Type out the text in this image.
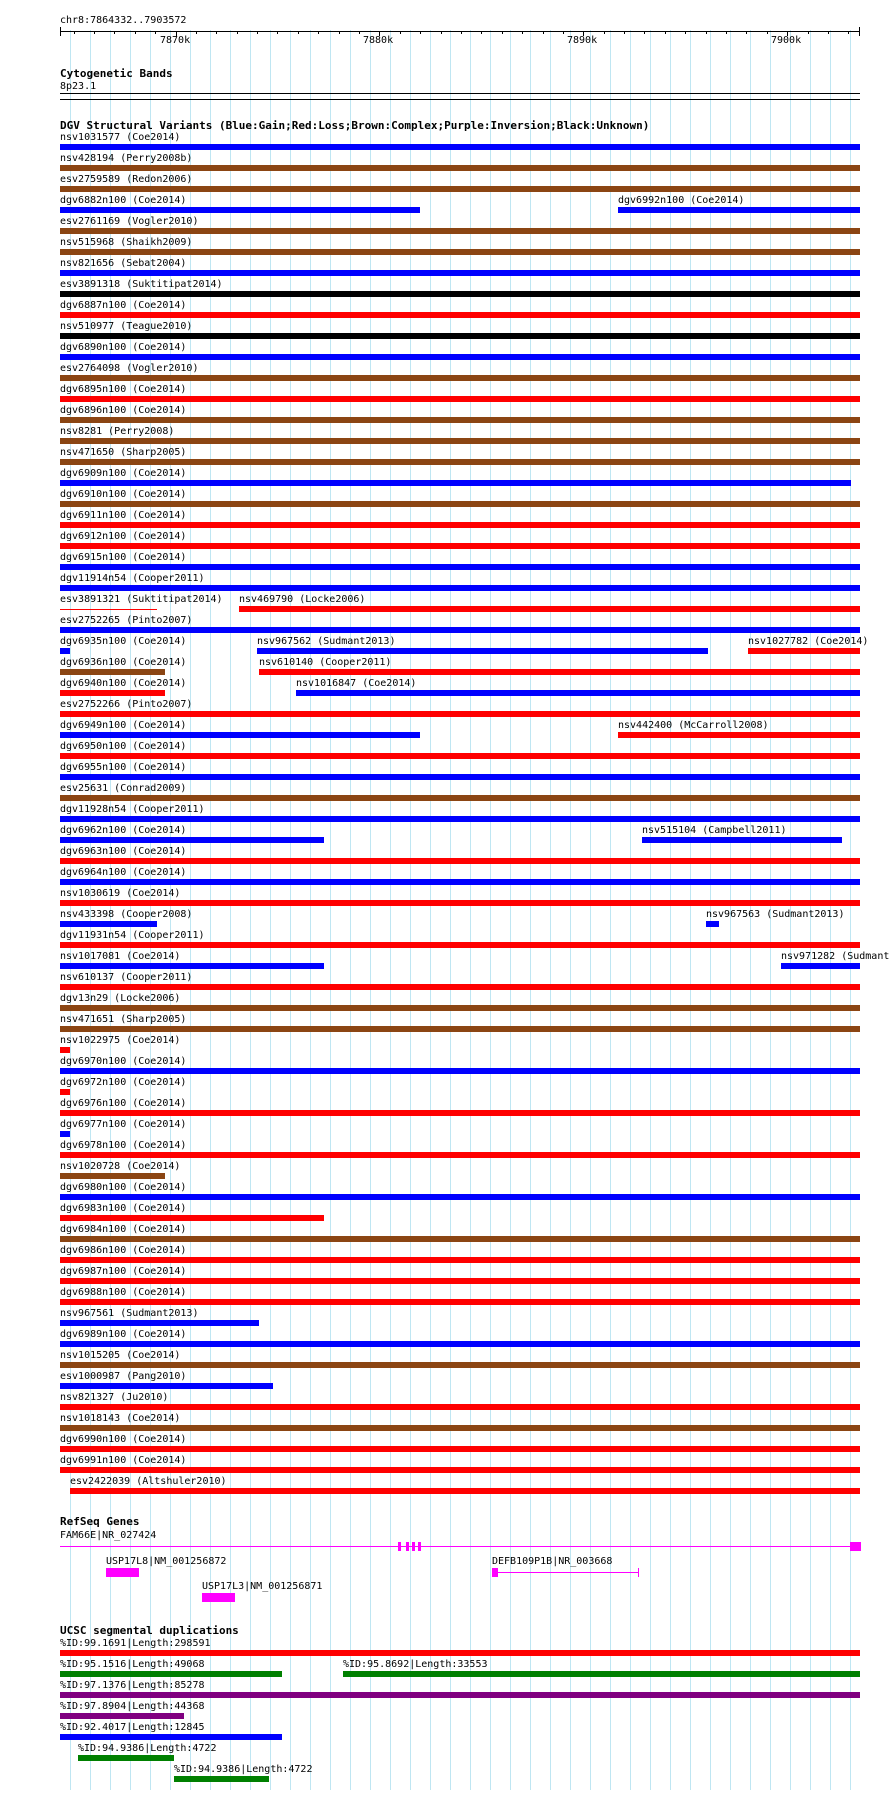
chr8:7864332..7903572
7870k	7880k	7890k	7900k
Cytogenetic Bands
8p23.1
DGV Structural Variants (Blue:Gain;Red:Loss;Brown:Complex;Purple:Inversion;Black:Unknown)
nsv1031577 (Coe2014)
nsv428194 (Perry2008b)
esv2759589 (Redon2006)
dgv6882n100 (Coe2014)	dgv6992n100 (Coe2014)
esv2761169 (Vogler2010)
nsv515968 (Shaikh2009)
nsv821656 (Sebat2004)
esv3891318 (Suktitipat2014)
dgv6887n100 (Coe2014)
nsv510977 (Teague2010)
dgv6890n100 (Coe2014)
esv2764098 (Vogler2010)
dgv6895n100 (Coe2014)
dgv6896n100 (Coe2014)
nsv8281 (Perry2008)
nsv471650 (Sharp2005)
dgv6909n100 (Coe2014)
dgv6910n100 (Coe2014)
dgv6911n100 (Coe2014)
dgv6912n100 (Coe2014)
dgv6915n100 (Coe2014)
dgv11914n54 (Cooper2011)
esv3891321 (Suktitipat2014) nsv469790 (Locke2006)
esv2752265 (Pinto2007)
dgv6935n100 (Coe2014)	nsv967562 (Sudmant2013)	nsv1027782 (Coe2014)
dgv6936n100 (Coe2014)	nsv610140 (Cooper2011)
dgv6940n100 (Coe2014)	nsv1016847 (Coe2014)
esv2752266 (Pinto2007)
dgv6949n100 (Coe2014)	nsv442400 (McCarroll2008)
dgv6950n100 (Coe2014)
dgv6955n100 (Coe2014)
esv25631 (Conrad2009)
dgv11928n54 (Cooper2011)
dgv6962n100 (Coe2014)	nsv515104 (Campbell2011)
dgv6963n100 (Coe2014)
dgv6964n100 (Coe2014)
nsv1030619 (Coe2014)
nsv433398 (Cooper2008)	nsv967563 (Sudmant2013)
dgv11931n54 (Cooper2011)
nsv1017081 (Coe2014)	nsv971282 (Sudmant
nsv610137 (Cooper2011)
dgv13n29 (Locke2006)
nsv471651 (Sharp2005)
nsv1022975 (Coe2014)
dgv6970n100 (Coe2014)
dgv6972n100 (Coe2014)
dgv6976n100 (Coe2014)
dgv6977n100 (Coe2014)
dgv6978n100 (Coe2014)
nsv1020728 (Coe2014)
dgv6980n100 (Coe2014)
dgv6983n100 (Coe2014)
dgv6984n100 (Coe2014)
dgv6986n100 (Coe2014)
dgv6987n100 (Coe2014)
dgv6988n100 (Coe2014)
nsv967561 (Sudmant2013)
dgv6989n100 (Coe2014)
nsv1015205 (Coe2014)
esv1000987 (Pang2010)
nsv821327 (Ju2010)
nsv1018143 (Coe2014)
dgv6990n100 (Coe2014)
dgv6991n100 (Coe2014)
esv2422039 (Altshuler2010)
RefSeq Genes
FAM66E|NR_027424
USP17L8|NM_001256872	DEFB109P1B|NR_003668
USP17L3|NM_001256871
UCSC segmental duplications
%ID:99.1691|Length:298591
%ID:95.1516|Length:49068	%ID:95.8692|Length:33553
%ID:97.1376|Length:85278
%ID:97.8904|Length:44368
%ID:92.4017|Length:12845
%ID:94.9386|Length:4722
%ID:94.9386|Length:4722
